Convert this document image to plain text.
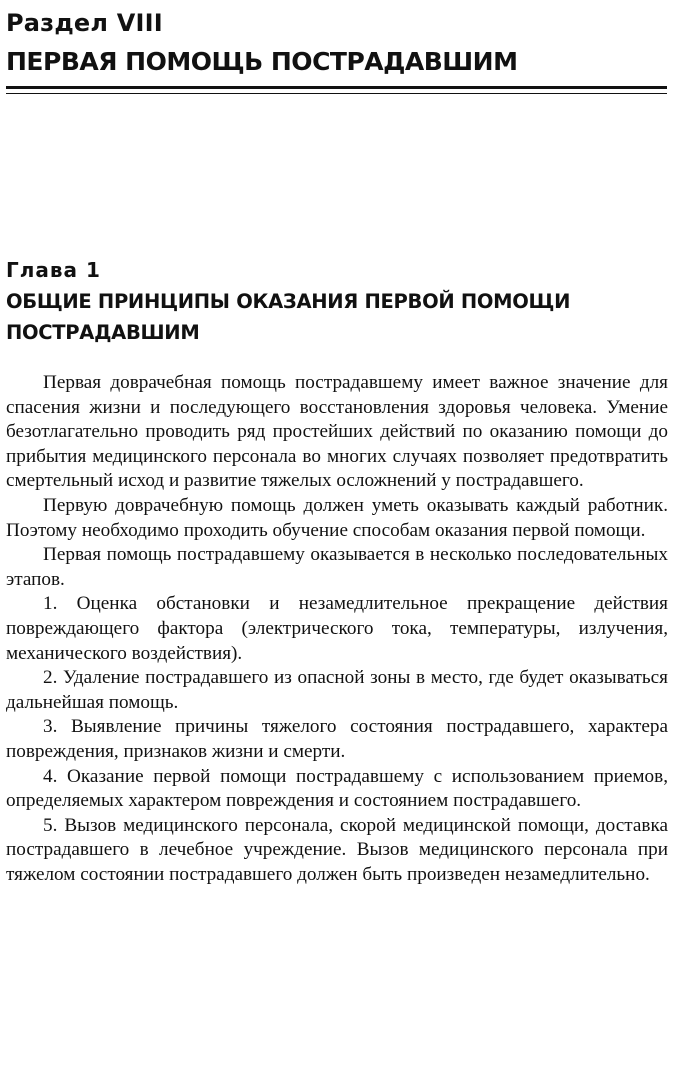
Раздел VIII
ПЕРВАЯ ПОМОЩЬ ПОСТРАДАВШИМ
Глава 1
ОБЩИЕ ПРИНЦИПЫ ОКАЗАНИЯ ПЕРВОЙ ПОМОЩИ
ПОСТРАДАВШИМ

Первая доврачебная помощь пострадавшему имеет важное значение для спасения жизни и последующего восстановления здоровья человека. Умение безотлагательно проводить ряд простейших действий по оказанию помощи до прибытия медицинского персонала во многих случаях позволяет предотвратить смертельный исход и развитие тяжелых осложнений у пострадавшего.

Первую доврачебную помощь должен уметь оказывать каждый работник. Поэтому необходимо проходить обучение способам оказания первой помощи.

Первая помощь пострадавшему оказывается в несколько последовательных этапов.

1. Оценка обстановки и незамедлительное прекращение действия повреждающего фактора (электрического тока, температуры, излучения, механического воздействия).

2. Удаление пострадавшего из опасной зоны в место, где будет оказываться дальнейшая помощь.

3. Выявление причины тяжелого состояния пострадавшего, характера повреждения, признаков жизни и смерти.

4. Оказание первой помощи пострадавшему с использованием приемов, определяемых характером повреждения и состоянием пострадавшего.

5. Вызов медицинского персонала, скорой медицинской помощи, доставка пострадавшего в лечебное учреждение. Вызов медицинского персонала при тяжелом состоянии пострадавшего должен быть произведен незамедлительно.
